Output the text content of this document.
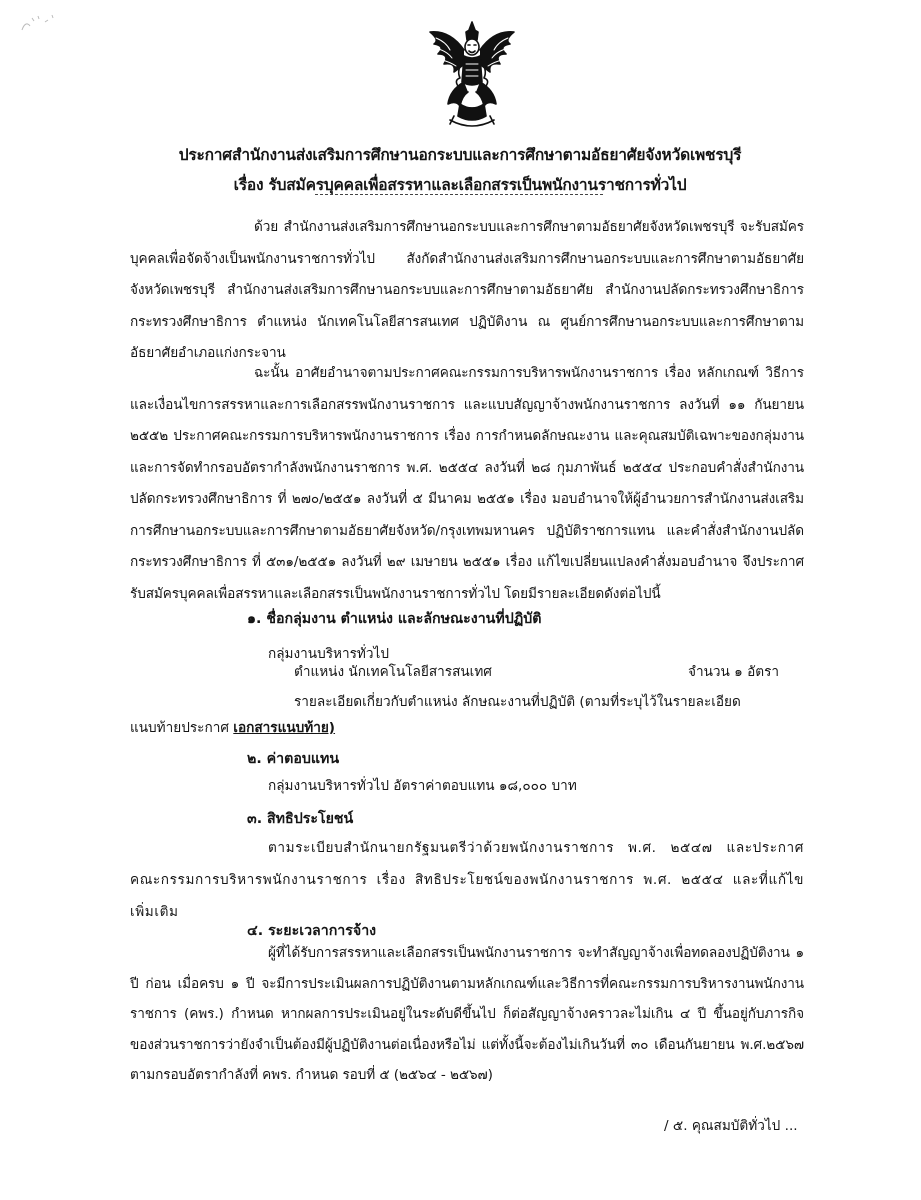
ประกาศสำนักงานส่งเสริมการศึกษานอกระบบและการศึกษาตามอัธยาศัยจังหวัดเพชรบุรี
เรื่อง รับสมัครบุคคลเพื่อสรรหาและเลือกสรรเป็นพนักงานราชการทั่วไป
ด้วย สำนักงานส่งเสริมการศึกษานอกระบบและการศึกษาตามอัธยาศัยจังหวัดเพชรบุรี จะรับสมัครบุคคลเพื่อจัดจ้างเป็นพนักงานราชการทั่วไป สังกัดสำนักงานส่งเสริมการศึกษานอกระบบและการศึกษาตามอัธยาศัยจังหวัดเพชรบุรี สำนักงานส่งเสริมการศึกษานอกระบบและการศึกษาตามอัธยาศัย สำนักงานปลัดกระทรวงศึกษาธิการ กระทรวงศึกษาธิการ ตำแหน่ง นักเทคโนโลยีสารสนเทศ ปฏิบัติงาน ณ ศูนย์การศึกษานอกระบบและการศึกษาตามอัธยาศัยอำเภอแก่งกระจาน
ฉะนั้น อาศัยอำนาจตามประกาศคณะกรรมการบริหารพนักงานราชการ เรื่อง หลักเกณฑ์ วิธีการและเงื่อนไขการสรรหาและการเลือกสรรพนักงานราชการ และแบบสัญญาจ้างพนักงานราชการ ลงวันที่ ๑๑ กันยายน ๒๕๕๒ ประกาศคณะกรรมการบริหารพนักงานราชการ เรื่อง การกำหนดลักษณะงาน และคุณสมบัติเฉพาะของกลุ่มงาน และการจัดทำกรอบอัตรากำลังพนักงานราชการ พ.ศ. ๒๕๕๔ ลงวันที่ ๒๘ กุมภาพันธ์ ๒๕๕๔ ประกอบคำสั่งสำนักงานปลัดกระทรวงศึกษาธิการ ที่ ๒๗๐/๒๕๕๑ ลงวันที่ ๕ มีนาคม ๒๕๕๑ เรื่อง มอบอำนาจให้ผู้อำนวยการสำนักงานส่งเสริมการศึกษานอกระบบและการศึกษาตามอัธยาศัยจังหวัด/กรุงเทพมหานคร ปฏิบัติราชการแทน และคำสั่งสำนักงานปลัดกระทรวงศึกษาธิการ ที่ ๕๓๑/๒๕๕๑ ลงวันที่ ๒๙ เมษายน ๒๕๕๑ เรื่อง แก้ไขเปลี่ยนแปลงคำสั่งมอบอำนาจ จึงประกาศรับสมัครบุคคลเพื่อสรรหาและเลือกสรรเป็นพนักงานราชการทั่วไป โดยมีรายละเอียดดังต่อไปนี้
๑. ชื่อกลุ่มงาน ตำแหน่ง และลักษณะงานที่ปฏิบัติ
กลุ่มงานบริหารทั่วไป
ตำแหน่ง นักเทคโนโลยีสารสนเทศ	จำนวน ๑ อัตรา
รายละเอียดเกี่ยวกับตำแหน่ง ลักษณะงานที่ปฏิบัติ (ตามที่ระบุไว้ในรายละเอียด
แนบท้ายประกาศ เอกสารแนบท้าย)
๒. ค่าตอบแทน
กลุ่มงานบริหารทั่วไป อัตราค่าตอบแทน ๑๘,๐๐๐ บาท
๓. สิทธิประโยชน์
ตามระเบียบสำนักนายกรัฐมนตรีว่าด้วยพนักงานราชการ พ.ศ. ๒๕๔๗ และประกาศคณะกรรมการบริหารพนักงานราชการ เรื่อง สิทธิประโยชน์ของพนักงานราชการ พ.ศ. ๒๕๕๔ และที่แก้ไขเพิ่มเติม
๔. ระยะเวลาการจ้าง
ผู้ที่ได้รับการสรรหาและเลือกสรรเป็นพนักงานราชการ จะทำสัญญาจ้างเพื่อทดลองปฏิบัติงาน ๑ ปี ก่อน เมื่อครบ ๑ ปี จะมีการประเมินผลการปฏิบัติงานตามหลักเกณฑ์และวิธีการที่คณะกรรมการบริหารงานพนักงานราชการ (คพร.) กำหนด หากผลการประเมินอยู่ในระดับดีขึ้นไป ก็ต่อสัญญาจ้างคราวละไม่เกิน ๔ ปี ขึ้นอยู่กับภารกิจของส่วนราชการว่ายังจำเป็นต้องมีผู้ปฏิบัติงานต่อเนื่องหรือไม่ แต่ทั้งนี้จะต้องไม่เกินวันที่ ๓๐ เดือนกันยายน พ.ศ.๒๕๖๗ ตามกรอบอัตรากำลังที่ คพร. กำหนด รอบที่ ๕ (๒๕๖๔ - ๒๕๖๗)
/ ๕. คุณสมบัติทั่วไป ...
